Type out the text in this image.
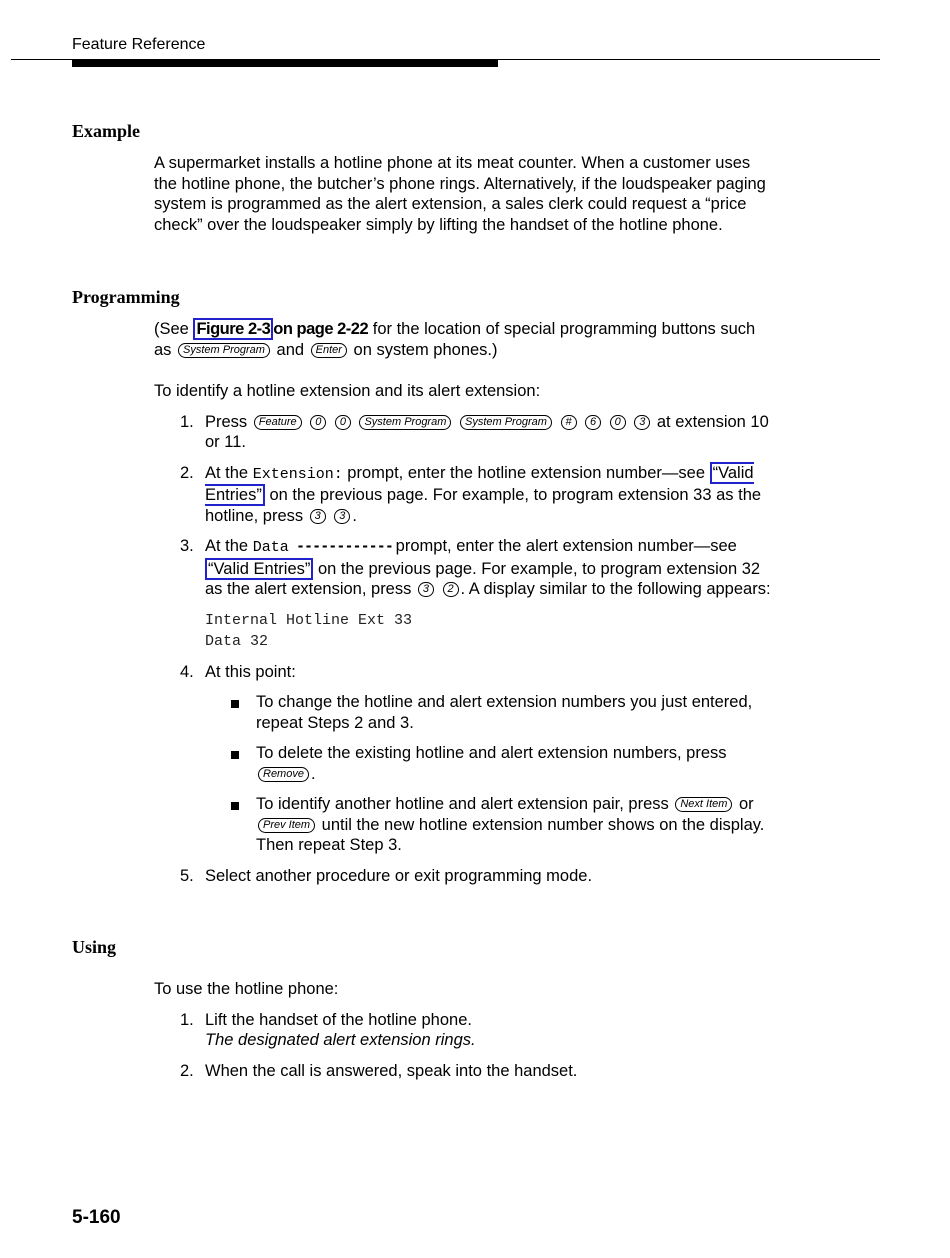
Feature Reference
Example

A supermarket installs a hotline phone at its meat counter. When a customer uses the hotline phone, the butcher’s phone rings. Alternatively, if the loudspeaker paging system is programmed as the alert extension, a sales clerk could request a “price check” over the loudspeaker simply by lifting the handset of the hotline phone.

Programming

(See Figure 2-3 on page 2-22 for the location of special programming buttons such as System Program and Enter on system phones.)

To identify a hotline extension and its alert extension:

1. Press Feature 0 0 System Program System Program # 6 0 3 at extension 10 or 11.
2. At the Extension: prompt, enter the hotline extension number—see “Valid Entries” on the previous page. For example, to program extension 33 as the hotline, press 3 3 .
3. At the Data - - - - - - - - - - - - prompt, enter the alert extension number—see “Valid Entries” on the previous page. For example, to program extension 32 as the alert extension, press 3 2 . A display similar to the following appears:
Internal Hotline Ext 33
Data 32
4. At this point:
To change the hotline and alert extension numbers you just entered, repeat Steps 2 and 3.
To delete the existing hotline and alert extension numbers, press Remove .
To identify another hotline and alert extension pair, press Next Item or Prev Item until the new hotline extension number shows on the display. Then repeat Step 3.
5. Select another procedure or exit programming mode.
Using

To use the hotline phone:

1. Lift the handset of the hotline phone.
The designated alert extension rings.
2. When the call is answered, speak into the handset.
5-160
